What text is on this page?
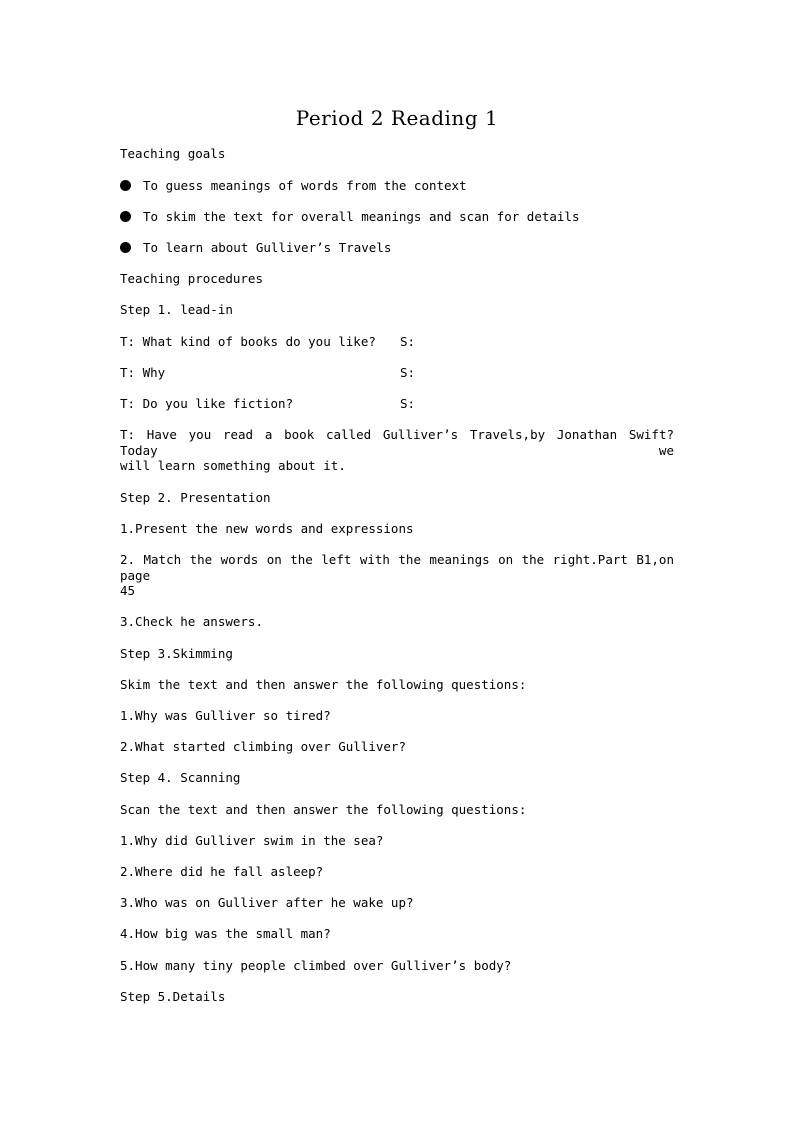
Period 2 Reading 1
Teaching goals
To guess meanings of words from the context
To skim the text for overall meanings and scan for details
To learn about Gulliver’s Travels
Teaching procedures
Step 1. lead-in
T: What kind of books do you like? S:
T: Why	S:
T: Do you like fiction?	S:
T: Have you read a book called Gulliver’s Travels,by Jonathan Swift? Today we
will learn something about it.
Step 2. Presentation
1.Present the new words and expressions
2. Match the words on the left with the meanings on the right.Part B1,on page
45
3.Check he answers.
Step 3.Skimming
Skim the text and then answer the following questions:
1.Why was Gulliver so tired?
2.What started climbing over Gulliver?
Step 4. Scanning
Scan the text and then answer the following questions:
1.Why did Gulliver swim in the sea?
2.Where did he fall asleep?
3.Who was on Gulliver after he wake up?
4.How big was the small man?
5.How many tiny people climbed over Gulliver’s body?
Step 5.Details
